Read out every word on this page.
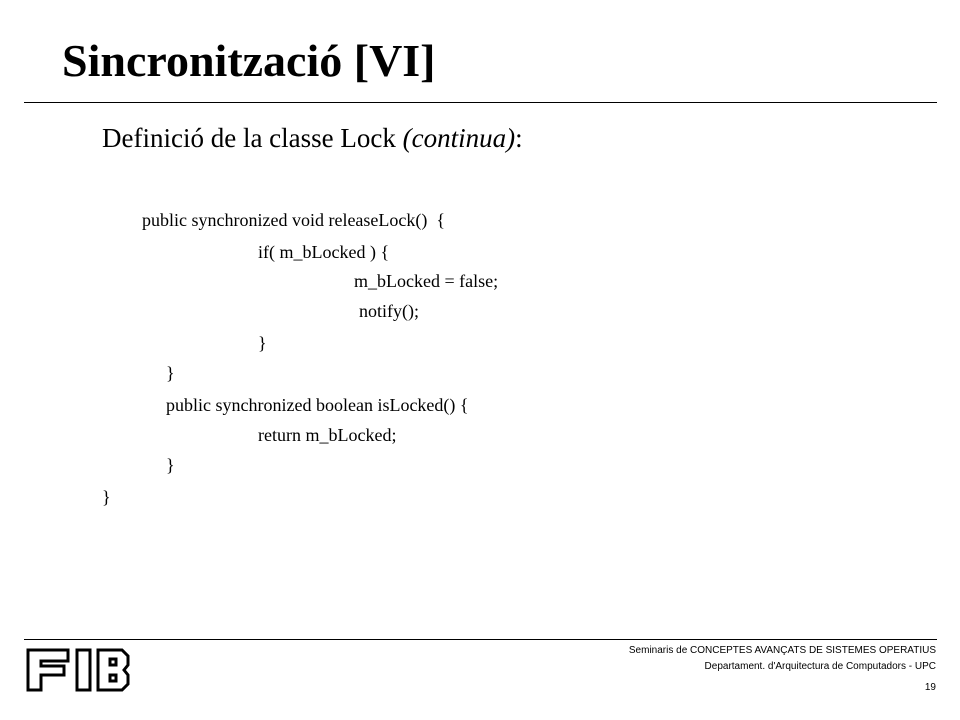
Sincronització [VI]
Definició de la classe Lock (continua):
public synchronized void releaseLock()  {
if( m_bLocked ) {
m_bLocked = false;
notify();
}
}
public synchronized boolean isLocked() {
return m_bLocked;
}
}
Seminaris de CONCEPTES AVANÇATS DE SISTEMES OPERATIUS
Departament. d'Arquitectura de Computadors - UPC
19
